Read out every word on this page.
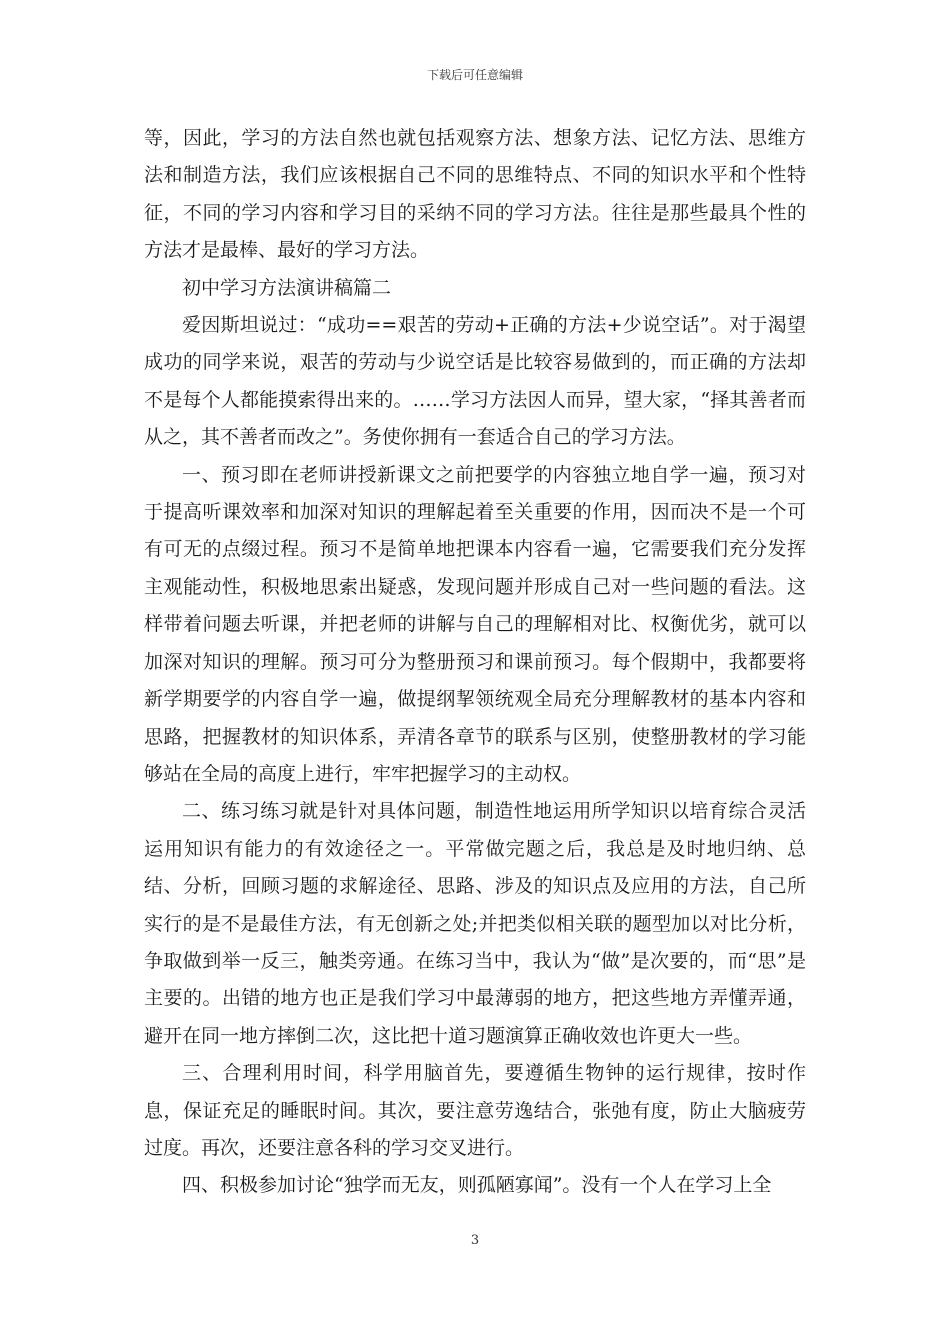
下载后可任意编辑

等，因此，学习的方法自然也就包括观察方法、想象方法、记忆方法、思维方法和制造方法，我们应该根据自己不同的思维特点、不同的知识水平和个性特征，不同的学习内容和学习目的采纳不同的学习方法。往往是那些最具个性的方法才是最棒、最好的学习方法。

初中学习方法演讲稿篇二

爱因斯坦说过：“成功==艰苦的劳动+正确的方法+少说空话”。对于渴望成功的同学来说，艰苦的劳动与少说空话是比较容易做到的，而正确的方法却不是每个人都能摸索得出来的。……学习方法因人而异，望大家，“择其善者而从之，其不善者而改之”。务使你拥有一套适合自己的学习方法。

一、预习即在老师讲授新课文之前把要学的内容独立地自学一遍，预习对于提高听课效率和加深对知识的理解起着至关重要的作用，因而决不是一个可有可无的点缀过程。预习不是简单地把课本内容看一遍，它需要我们充分发挥主观能动性，积极地思索出疑惑，发现问题并形成自己对一些问题的看法。这样带着问题去听课，并把老师的讲解与自己的理解相对比、权衡优劣，就可以加深对知识的理解。预习可分为整册预习和课前预习。每个假期中，我都要将新学期要学的内容自学一遍，做提纲挈领统观全局充分理解教材的基本内容和思路，把握教材的知识体系，弄清各章节的联系与区别，使整册教材的学习能够站在全局的高度上进行，牢牢把握学习的主动权。

二、练习练习就是针对具体问题，制造性地运用所学知识以培育综合灵活运用知识有能力的有效途径之一。平常做完题之后，我总是及时地归纳、总结、分析，回顾习题的求解途径、思路、涉及的知识点及应用的方法，自己所实行的是不是最佳方法，有无创新之处;并把类似相关联的题型加以对比分析，争取做到举一反三，触类旁通。在练习当中，我认为“做”是次要的，而“思”是主要的。出错的地方也正是我们学习中最薄弱的地方，把这些地方弄懂弄通，避开在同一地方摔倒二次，这比把十道习题演算正确收效也许更大一些。

三、合理利用时间，科学用脑首先，要遵循生物钟的运行规律，按时作息，保证充足的睡眠时间。其次，要注意劳逸结合，张弛有度，防止大脑疲劳过度。再次，还要注意各科的学习交叉进行。

四、积极参加讨论“独学而无友，则孤陋寡闻”。没有一个人在学习上全

3
